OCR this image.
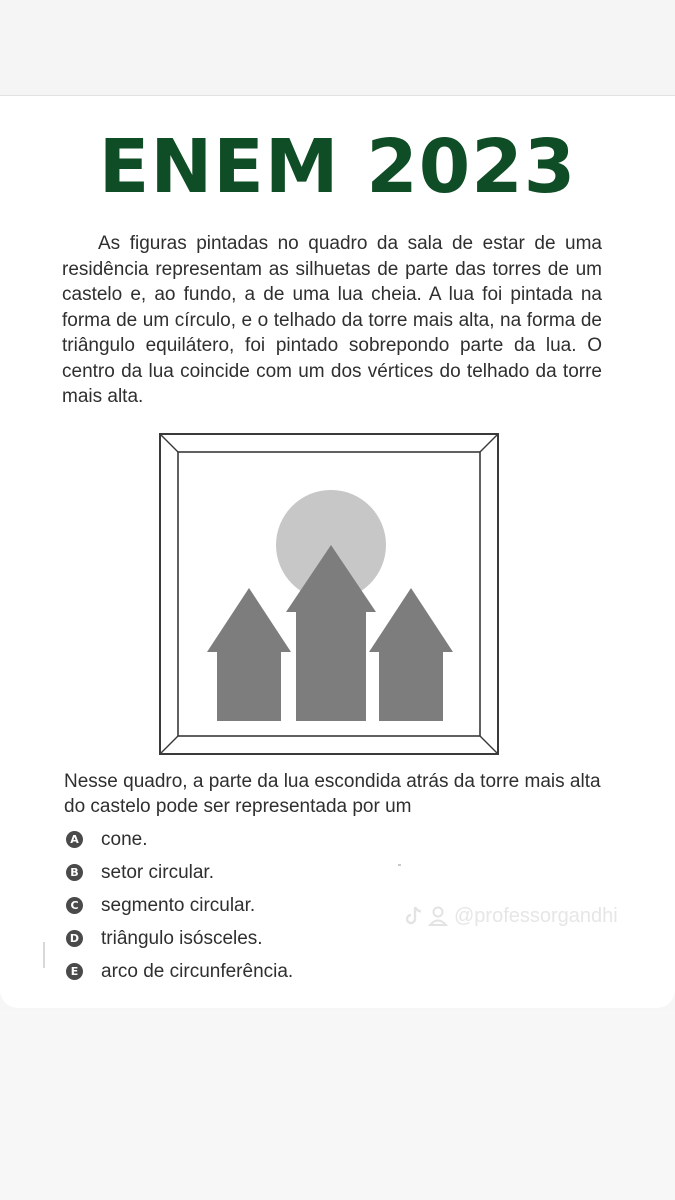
ENEM 2023

As figuras pintadas no quadro da sala de estar de uma residência representam as silhuetas de parte das torres de um castelo e, ao fundo, a de uma lua cheia. A lua foi pintada na forma de um círculo, e o telhado da torre mais alta, na forma de triângulo equilátero, foi pintado sobrepondo parte da lua. O centro da lua coincide com um dos vértices do telhado da torre mais alta.

Nesse quadro, a parte da lua escondida atrás da torre mais alta do castelo pode ser representada por um

A cone.
B setor circular.
C segmento circular.
D triângulo isósceles.
E arco de circunferência.
@professorgandhi
